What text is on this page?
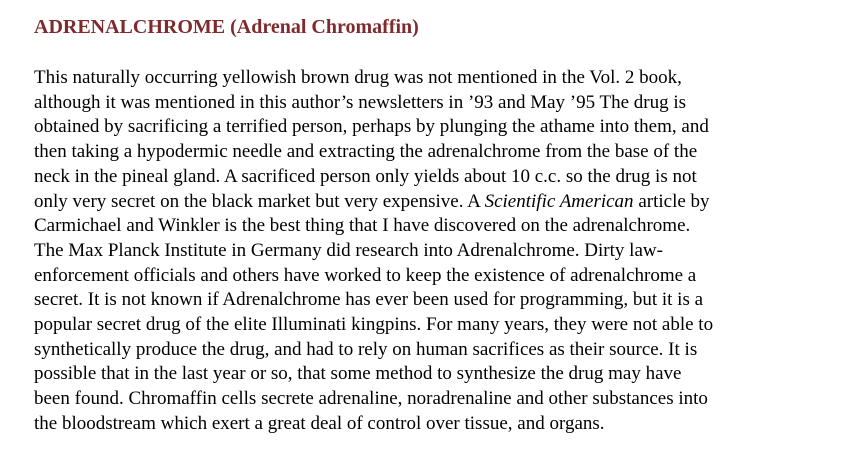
ADRENALCHROME (Adrenal Chromaffin)

This naturally occurring yellowish brown drug was not mentioned in the Vol. 2 book,
although it was mentioned in this author’s newsletters in ’93 and May ’95 The drug is
obtained by sacrificing a terrified person, perhaps by plunging the athame into them, and
then taking a hypodermic needle and extracting the adrenalchrome from the base of the
neck in the pineal gland. A sacrificed person only yields about 10 c.c. so the drug is not
only very secret on the black market but very expensive. A Scientific American article by
Carmichael and Winkler is the best thing that I have discovered on the adrenalchrome.
The Max Planck Institute in Germany did research into Adrenalchrome. Dirty law-
enforcement officials and others have worked to keep the existence of adrenalchrome a
secret. It is not known if Adrenalchrome has ever been used for programming, but it is a
popular secret drug of the elite Illuminati kingpins. For many years, they were not able to
synthetically produce the drug, and had to rely on human sacrifices as their source. It is
possible that in the last year or so, that some method to synthesize the drug may have
been found. Chromaffin cells secrete adrenaline, noradrenaline and other substances into
the bloodstream which exert a great deal of control over tissue, and organs.
